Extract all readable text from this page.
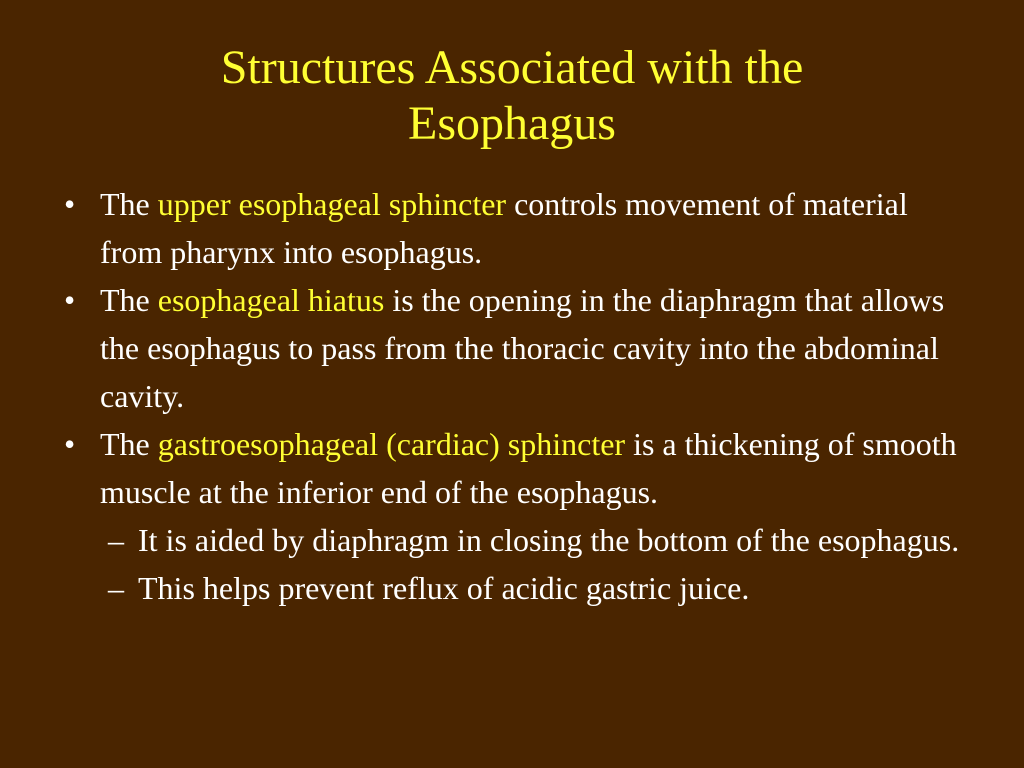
Structures Associated with the
Esophagus
• The upper esophageal sphincter controls movement of material from pharynx into esophagus.
• The esophageal hiatus is the opening in the diaphragm that allows the esophagus to pass from the thoracic cavity into the abdominal cavity.
• The gastroesophageal (cardiac) sphincter is a thickening of smooth muscle at the inferior end of the esophagus.
– It is aided by diaphragm in closing the bottom of the esophagus.
– This helps prevent reflux of acidic gastric juice.
